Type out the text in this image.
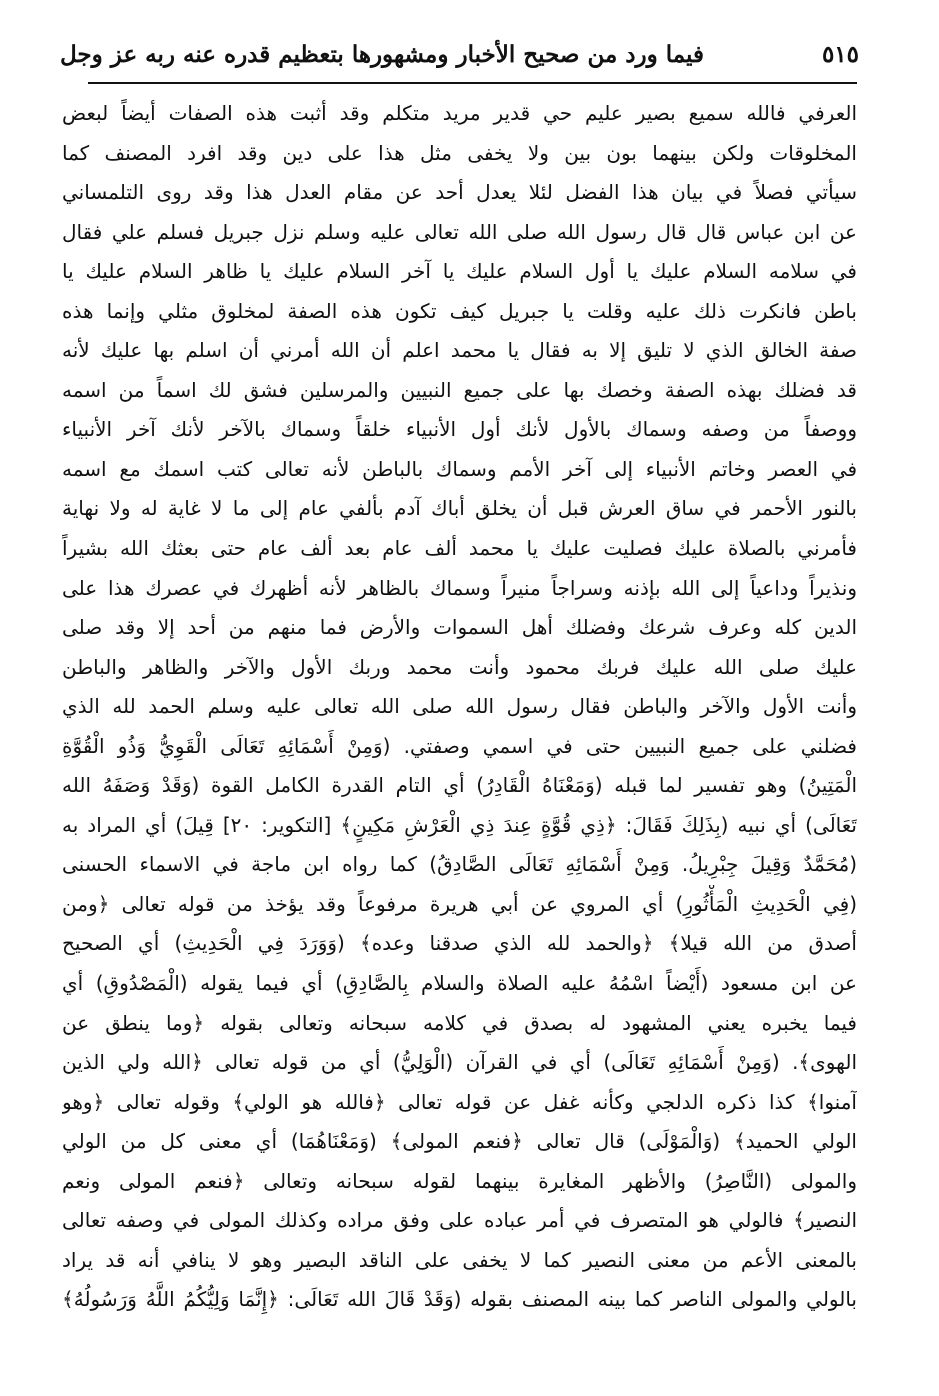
فيما ورد من صحيح الأخبار ومشهورها بتعظيم قدره عنه ربه عز وجل	٥١٥
العرفي فالله سميع بصير عليم حي قدير مريد متكلم وقد أثبت هذه الصفات أيضاً لبعض
المخلوقات ولكن بينهما بون بين ولا يخفى مثل هذا على دين وقد افرد المصنف كما
سيأتي فصلاً في بيان هذا الفضل لئلا يعدل أحد عن مقام العدل هذا وقد روى التلمساني
عن ابن عباس قال قال رسول الله صلى الله تعالى عليه وسلم نزل جبريل فسلم علي فقال
في سلامه السلام عليك يا أول السلام عليك يا آخر السلام عليك يا ظاهر السلام عليك يا
باطن فانكرت ذلك عليه وقلت يا جبريل كيف تكون هذه الصفة لمخلوق مثلي وإنما هذه
صفة الخالق الذي لا تليق إلا به فقال يا محمد اعلم أن الله أمرني أن اسلم بها عليك لأنه
قد فضلك بهذه الصفة وخصك بها على جميع النبيين والمرسلين فشق لك اسماً من اسمه
ووصفاً من وصفه وسماك بالأول لأنك أول الأنبياء خلقاً وسماك بالآخر لأنك آخر الأنبياء
في العصر وخاتم الأنبياء إلى آخر الأمم وسماك بالباطن لأنه تعالى كتب اسمك مع اسمه
بالنور الأحمر في ساق العرش قبل أن يخلق أباك آدم بألفي عام إلى ما لا غاية له ولا نهاية
فأمرني بالصلاة عليك فصليت عليك يا محمد ألف عام بعد ألف عام حتى بعثك الله بشيراً
ونذيراً وداعياً إلى الله بإذنه وسراجاً منيراً وسماك بالظاهر لأنه أظهرك في عصرك هذا على
الدين كله وعرف شرعك وفضلك أهل السموات والأرض فما منهم من أحد إلا وقد صلى
عليك صلى الله عليك فربك محمود وأنت محمد وربك الأول والآخر والظاهر والباطن
وأنت الأول والآخر والباطن فقال رسول الله صلى الله تعالى عليه وسلم الحمد لله الذي
فضلني على جميع النبيين حتى في اسمي وصفتي. (وَمِنْ أَسْمَائِهِ تَعَالَى الْقَوِيُّ وَذُو الْقُوَّةِ
الْمَتِينُ) وهو تفسير لما قبله (وَمَعْنَاهُ الْقَادِرُ) أي التام القدرة الكامل القوة (وَقَدْ وَصَفَهُ الله
تَعَالَى) أي نبيه (بِذَلِكَ فَقَالَ: ﴿ذِي قُوَّةٍ عِندَ ذِي الْعَرْشِ مَكِينٍ﴾ [التكوير: ٢٠] قِيلَ) أي المراد به
(مُحَمَّدٌ وَقِيلَ جِبْرِيلُ. وَمِنْ أَسْمَائِهِ تَعَالَى الصَّادِقُ) كما رواه ابن ماجة في الاسماء الحسنى
(فِي الْحَدِيثِ الْمَأْثُورِ) أي المروي عن أبي هريرة مرفوعاً وقد يؤخذ من قوله تعالى ﴿ومن
أصدق من الله قيلا﴾ ﴿والحمد لله الذي صدقنا وعده﴾ (وَوَرَدَ فِي الْحَدِيثِ) أي الصحيح
عن ابن مسعود (أَيْضاً اسْمُهُ عليه الصلاة والسلام بِالصَّادِقِ) أي فيما يقوله (الْمَصْدُوقِ) أي
فيما يخبره يعني المشهود له بصدق في كلامه سبحانه وتعالى بقوله ﴿وما ينطق عن
الهوى﴾. (وَمِنْ أَسْمَائِهِ تَعَالَى) أي في القرآن (الْوَلِيُّ) أي من قوله تعالى ﴿الله ولي الذين
آمنوا﴾ كذا ذكره الدلجي وكأنه غفل عن قوله تعالى ﴿فالله هو الولي﴾ وقوله تعالى ﴿وهو
الولي الحميد﴾ (وَالْمَوْلَى) قال تعالى ﴿فنعم المولى﴾ (وَمَعْنَاهُمَا) أي معنى كل من الولي
والمولى (النَّاصِرُ) والأظهر المغايرة بينهما لقوله سبحانه وتعالى ﴿فنعم المولى ونعم
النصير﴾ فالولي هو المتصرف في أمر عباده على وفق مراده وكذلك المولى في وصفه تعالى
بالمعنى الأعم من معنى النصير كما لا يخفى على الناقد البصير وهو لا ينافي أنه قد يراد
بالولي والمولى الناصر كما بينه المصنف بقوله (وَقَدْ قَالَ الله تَعَالَى: ﴿إِنَّمَا وَلِيُّكُمُ اللَّهُ وَرَسُولُهُ﴾
